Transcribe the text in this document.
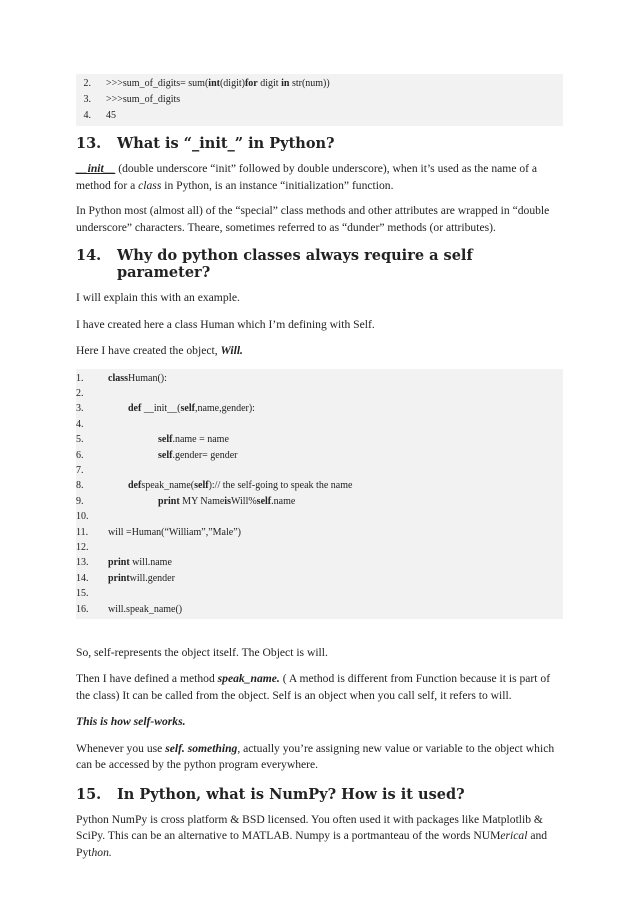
2.	>>>sum_of_digits= sum(int(digit)for digit in str(num))
3.	>>>sum_of_digits
4.	45
13.	What is “_init_” in Python?

__init__ (double underscore “init” followed by double underscore), when it’s used as the name of a method for a class in Python, is an instance “initialization” function.

In Python most (almost all) of the “special” class methods and other attributes are wrapped in “double underscore” characters. Theare, sometimes referred to as “dunder” methods (or attributes).

14.	Why do python classes always require a self parameter?

I will explain this with an example.

I have created here a class Human which I’m defining with Self.

Here I have created the object, Will.

1.	classHuman():
2.
3.	def __init__(self,name,gender):
4.
5.	self.name = name
6.	self.gender= gender
7.
8.	defspeak_name(self):// the self-going to speak the name
9.	print MY NameisWill%self.name
10.
11.	will =Human(“William”,”Male”)
12.
13.	print will.name
14.	printwill.gender
15.
16.	will.speak_name()

So, self-represents the object itself. The Object is will.

Then I have defined a method speak_name. ( A method is different from Function because it is part of the class) It can be called from the object. Self is an object when you call self, it refers to will.

This is how self-works.

Whenever you use self. something, actually you’re assigning new value or variable to the object which can be accessed by the python program everywhere.

15.	In Python, what is NumPy? How is it used?

Python NumPy is cross platform & BSD licensed. You often used it with packages like Matplotlib & SciPy. This can be an alternative to MATLAB. Numpy is a portmanteau of the words NUMerical and Python.
